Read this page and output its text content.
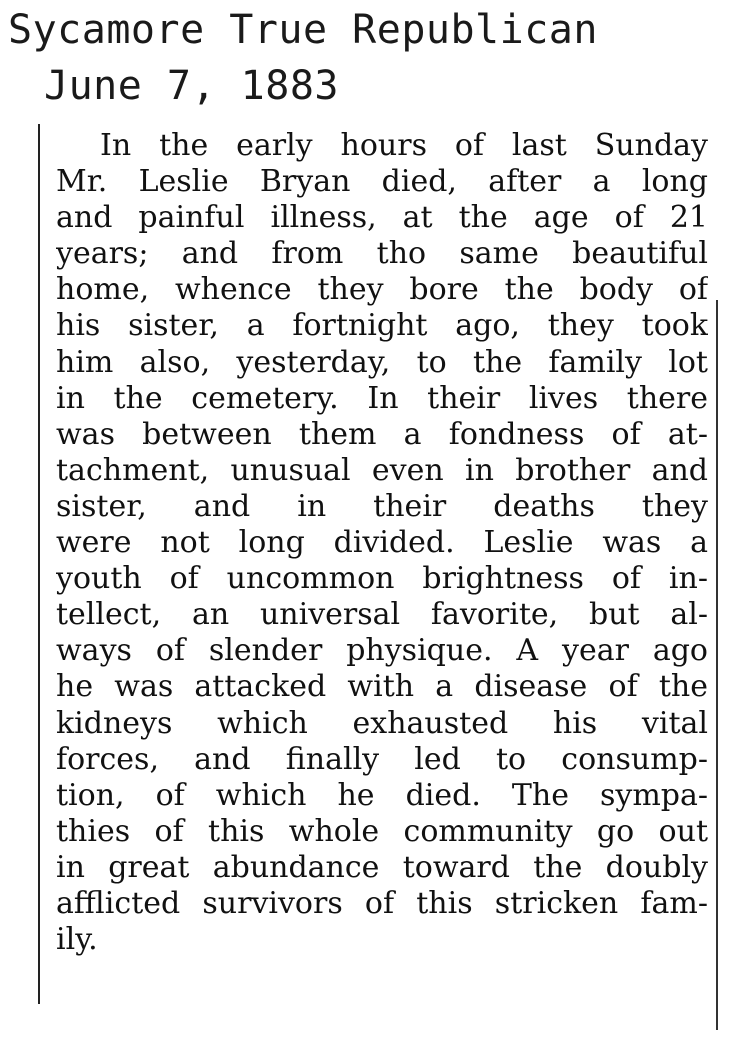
Sycamore True Republican
June 7, 1883
In the early hours of last Sunday
Mr. Leslie Bryan died, after a long
and painful illness, at the age of 21
years; and from tho same beautiful
home, whence they bore the body of
his sister, a fortnight ago, they took
him also, yesterday, to the family lot
in the cemetery. In their lives there
was between them a fondness of at-
tachment, unusual even in brother and
sister, and in their deaths they
were not long divided. Leslie was a
youth of uncommon brightness of in-
tellect, an universal favorite, but al-
ways of slender physique. A year ago
he was attacked with a disease of the
kidneys which exhausted his vital
forces, and finally led to consump-
tion, of which he died. The sympa-
thies of this whole community go out
in great abundance toward the doubly
afflicted survivors of this stricken fam-
ily.
